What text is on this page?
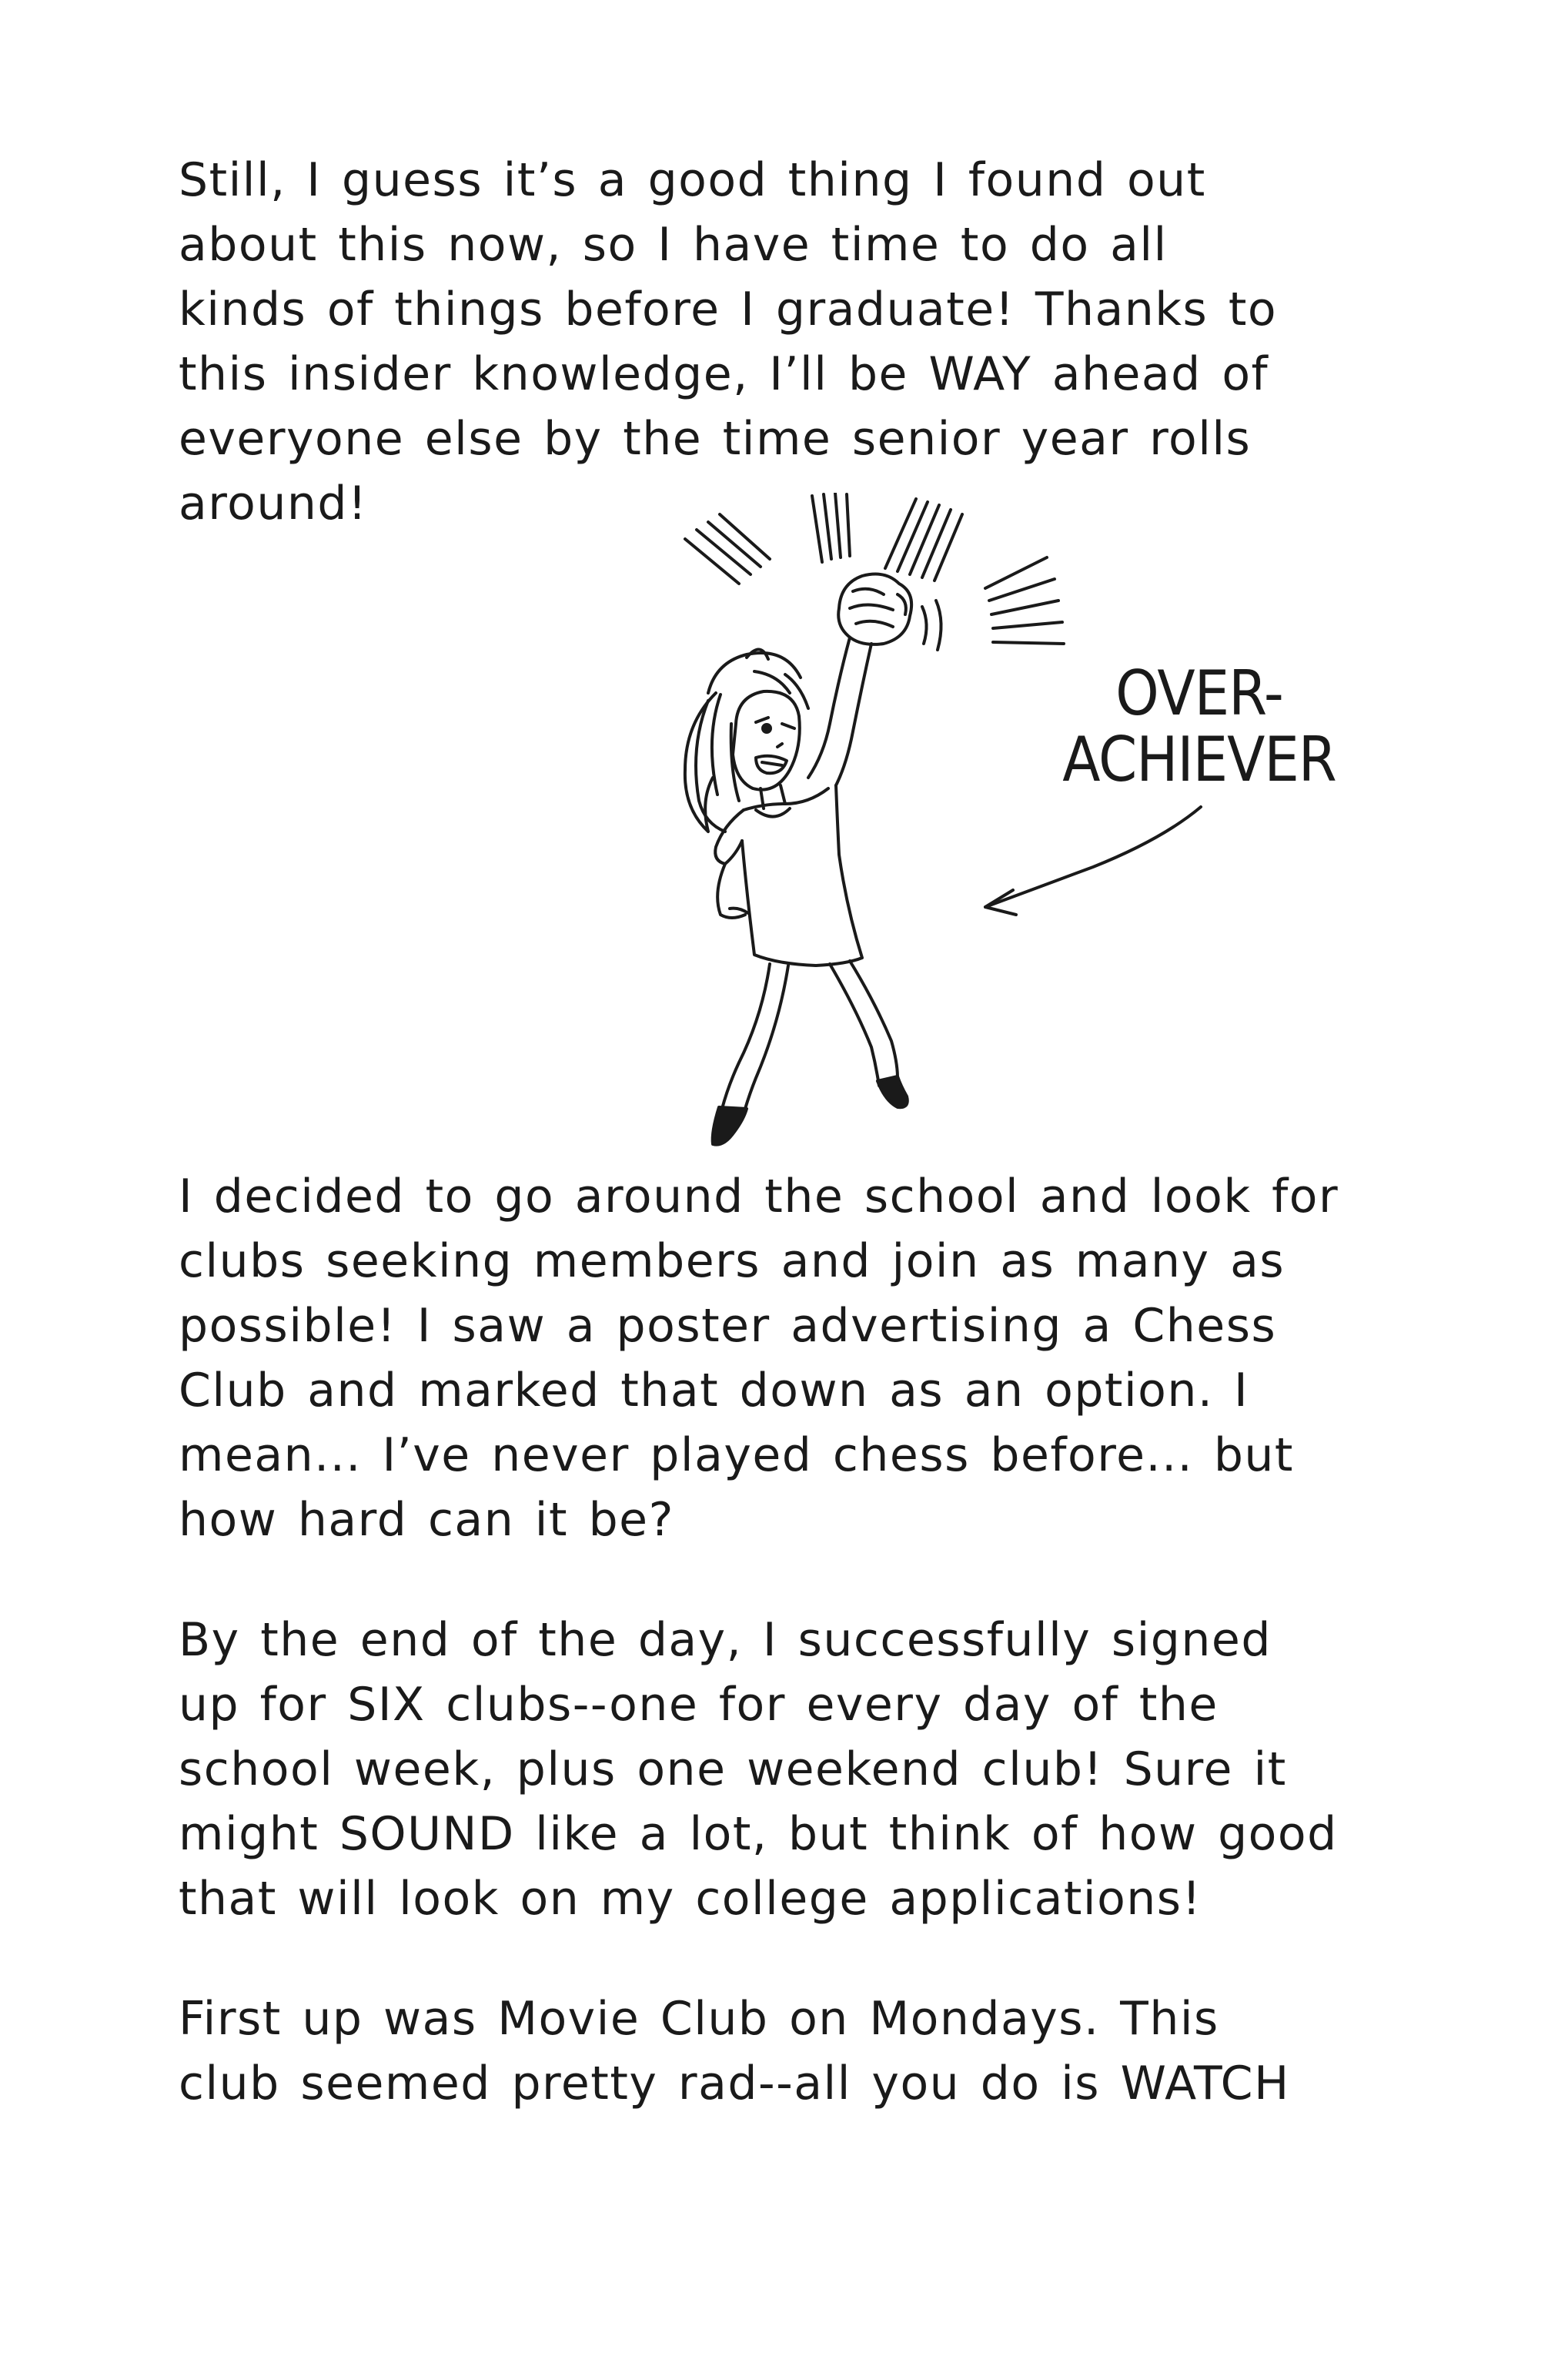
Still, I guess it’s a good thing I found out
about this now, so I have time to do all
kinds of things before I graduate! Thanks to
this insider knowledge, I’ll be WAY ahead of
everyone else by the time senior year rolls
around!

OVER-
ACHIEVER

I decided to go around the school and look for
clubs seeking members and join as many as
possible! I saw a poster advertising a Chess
Club and marked that down as an option. I
mean... I’ve never played chess before... but
how hard can it be?

By the end of the day, I successfully signed
up for SIX clubs--one for every day of the
school week, plus one weekend club! Sure it
might SOUND like a lot, but think of how good
that will look on my college applications!

First up was Movie Club on Mondays. This
club seemed pretty rad--all you do is WATCH
